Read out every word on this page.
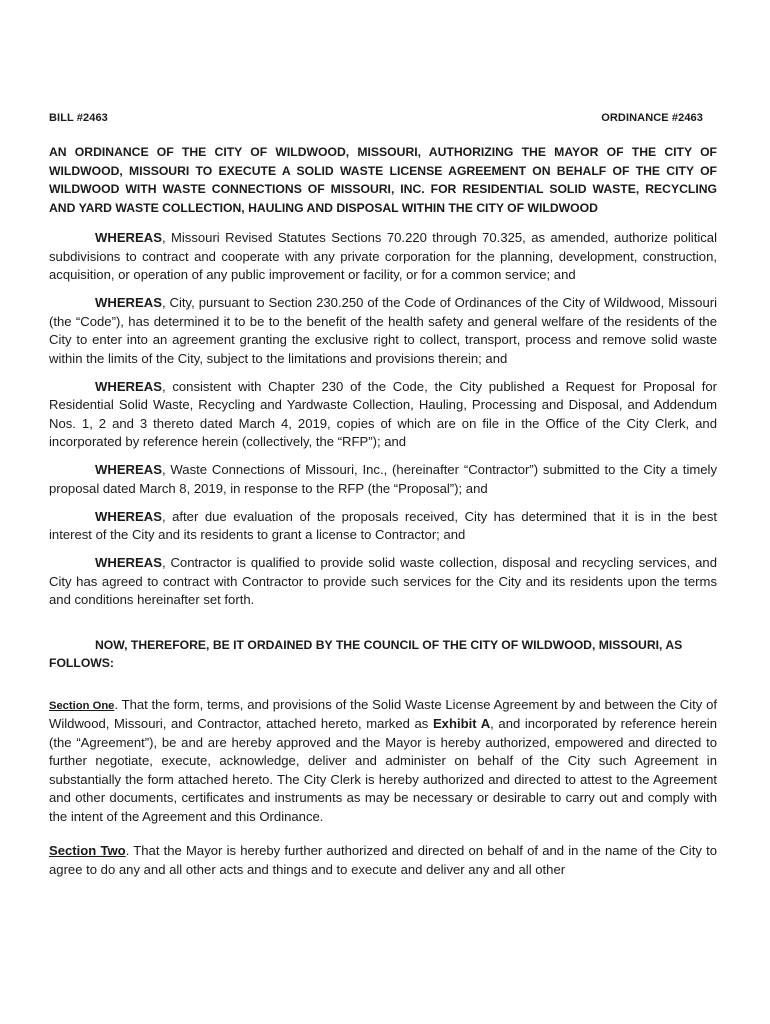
BILL #2463	ORDINANCE #2463
AN ORDINANCE OF THE CITY OF WILDWOOD, MISSOURI, AUTHORIZING THE MAYOR OF THE CITY OF WILDWOOD, MISSOURI TO EXECUTE A SOLID WASTE LICENSE AGREEMENT ON BEHALF OF THE CITY OF WILDWOOD WITH WASTE CONNECTIONS OF MISSOURI, INC. FOR RESIDENTIAL SOLID WASTE, RECYCLING AND YARD WASTE COLLECTION, HAULING AND DISPOSAL WITHIN THE CITY OF WILDWOOD

WHEREAS, Missouri Revised Statutes Sections 70.220 through 70.325, as amended, authorize political subdivisions to contract and cooperate with any private corporation for the planning, development, construction, acquisition, or operation of any public improvement or facility, or for a common service; and

WHEREAS, City, pursuant to Section 230.250 of the Code of Ordinances of the City of Wildwood, Missouri (the “Code”), has determined it to be to the benefit of the health safety and general welfare of the residents of the City to enter into an agreement granting the exclusive right to collect, transport, process and remove solid waste within the limits of the City, subject to the limitations and provisions therein; and

WHEREAS, consistent with Chapter 230 of the Code, the City published a Request for Proposal for Residential Solid Waste, Recycling and Yardwaste Collection, Hauling, Processing and Disposal, and Addendum Nos. 1, 2 and 3 thereto dated March 4, 2019, copies of which are on file in the Office of the City Clerk, and incorporated by reference herein (collectively, the “RFP”); and

WHEREAS, Waste Connections of Missouri, Inc., (hereinafter “Contractor”) submitted to the City a timely proposal dated March 8, 2019, in response to the RFP (the “Proposal”); and

WHEREAS, after due evaluation of the proposals received, City has determined that it is in the best interest of the City and its residents to grant a license to Contractor; and

WHEREAS, Contractor is qualified to provide solid waste collection, disposal and recycling services, and City has agreed to contract with Contractor to provide such services for the City and its residents upon the terms and conditions hereinafter set forth.

NOW, THEREFORE, BE IT ORDAINED BY THE COUNCIL OF THE CITY OF WILDWOOD, MISSOURI, AS FOLLOWS:

Section One. That the form, terms, and provisions of the Solid Waste License Agreement by and between the City of Wildwood, Missouri, and Contractor, attached hereto, marked as Exhibit A, and incorporated by reference herein (the “Agreement”), be and are hereby approved and the Mayor is hereby authorized, empowered and directed to further negotiate, execute, acknowledge, deliver and administer on behalf of the City such Agreement in substantially the form attached hereto. The City Clerk is hereby authorized and directed to attest to the Agreement and other documents, certificates and instruments as may be necessary or desirable to carry out and comply with the intent of the Agreement and this Ordinance.

Section Two. That the Mayor is hereby further authorized and directed on behalf of and in the name of the City to agree to do any and all other acts and things and to execute and deliver any and all other
